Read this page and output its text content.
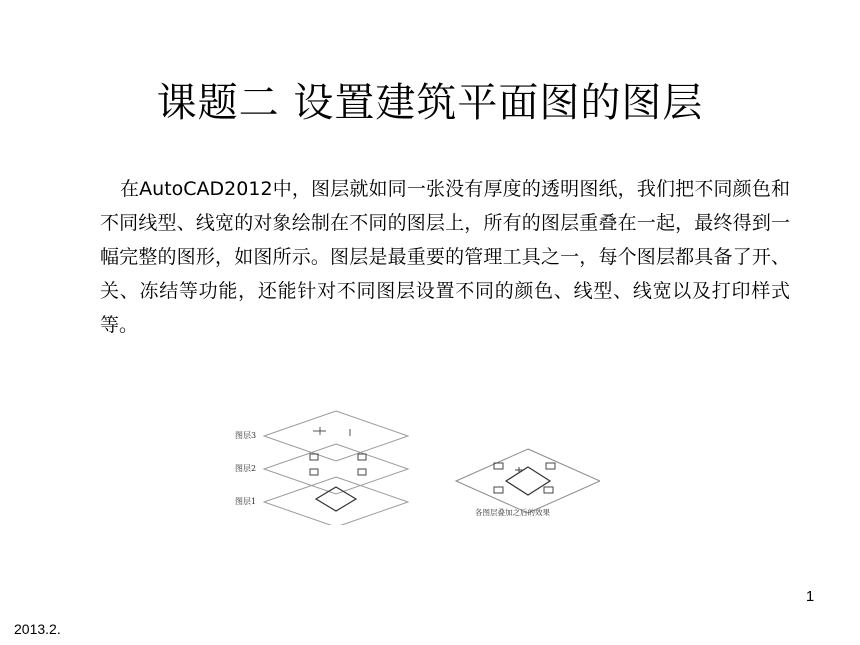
课题二 设置建筑平面图的图层
在AutoCAD2012中，图层就如同一张没有厚度的透明图纸，我们把不同颜色和不同线型、线宽的对象绘制在不同的图层上，所有的图层重叠在一起，最终得到一幅完整的图形，如图所示。图层是最重要的管理工具之一，每个图层都具备了开、关、冻结等功能，还能针对不同图层设置不同的颜色、线型、线宽以及打印样式等。
图层3
图层2
图层1
各图层叠加之后的效果
1
2013.2.
